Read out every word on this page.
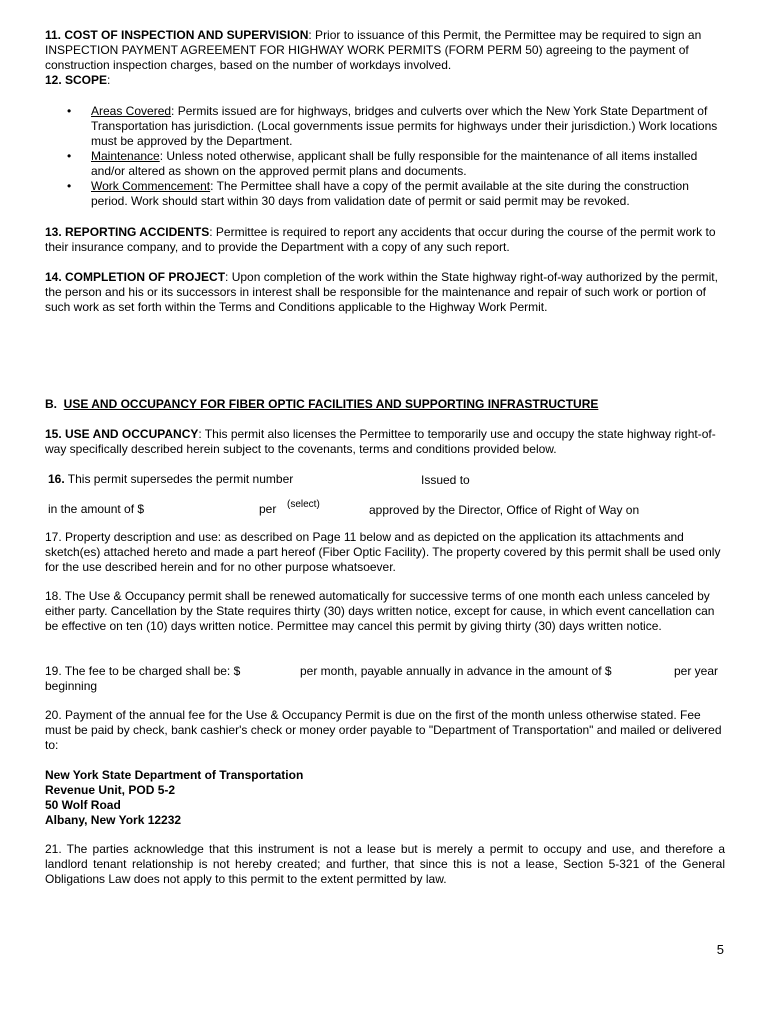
11. COST OF INSPECTION AND SUPERVISION: Prior to issuance of this Permit, the Permittee may be required to sign an INSPECTION PAYMENT AGREEMENT FOR HIGHWAY WORK PERMITS (FORM PERM 50) agreeing to the payment of construction inspection charges, based on the number of workdays involved.

12. SCOPE:

• Areas Covered: Permits issued are for highways, bridges and culverts over which the New York State Department of Transportation has jurisdiction. (Local governments issue permits for highways under their jurisdiction.) Work locations must be approved by the Department.
• Maintenance: Unless noted otherwise, applicant shall be fully responsible for the maintenance of all items installed and/or altered as shown on the approved permit plans and documents.
• Work Commencement: The Permittee shall have a copy of the permit available at the site during the construction period. Work should start within 30 days from validation date of permit or said permit may be revoked.

13. REPORTING ACCIDENTS: Permittee is required to report any accidents that occur during the course of the permit work to their insurance company, and to provide the Department with a copy of any such report.

14. COMPLETION OF PROJECT: Upon completion of the work within the State highway right-of-way authorized by the permit, the person and his or its successors in interest shall be responsible for the maintenance and repair of such work or portion of such work as set forth within the Terms and Conditions applicable to the Highway Work Permit.

B. USE AND OCCUPANCY FOR FIBER OPTIC FACILITIES AND SUPPORTING INFRASTRUCTURE

15. USE AND OCCUPANCY: This permit also licenses the Permittee to temporarily use and occupy the state highway right-of-way specifically described herein subject to the covenants, terms and conditions provided below.

16. This permit supersedes the permit number	Issued to
in the amount of $	per (select)	approved by the Director, Office of Right of Way on

17. Property description and use: as described on Page 11 below and as depicted on the application its attachments and sketch(es) attached hereto and made a part hereof (Fiber Optic Facility). The property covered by this permit shall be used only for the use described herein and for no other purpose whatsoever.

18. The Use & Occupancy permit shall be renewed automatically for successive terms of one month each unless canceled by either party. Cancellation by the State requires thirty (30) days written notice, except for cause, in which event cancellation can be effective on ten (10) days written notice. Permittee may cancel this permit by giving thirty (30) days written notice.

19. The fee to be charged shall be: $	per month, payable annually in advance in the amount of $	per year
beginning

20. Payment of the annual fee for the Use & Occupancy Permit is due on the first of the month unless otherwise stated. Fee must be paid by check, bank cashier's check or money order payable to "Department of Transportation" and mailed or delivered to:

New York State Department of Transportation
Revenue Unit, POD 5-2
50 Wolf Road
Albany, New York 12232

21. The parties acknowledge that this instrument is not a lease but is merely a permit to occupy and use, and therefore a landlord tenant relationship is not hereby created; and further, that since this is not a lease, Section 5-321 of the General Obligations Law does not apply to this permit to the extent permitted by law.

5
